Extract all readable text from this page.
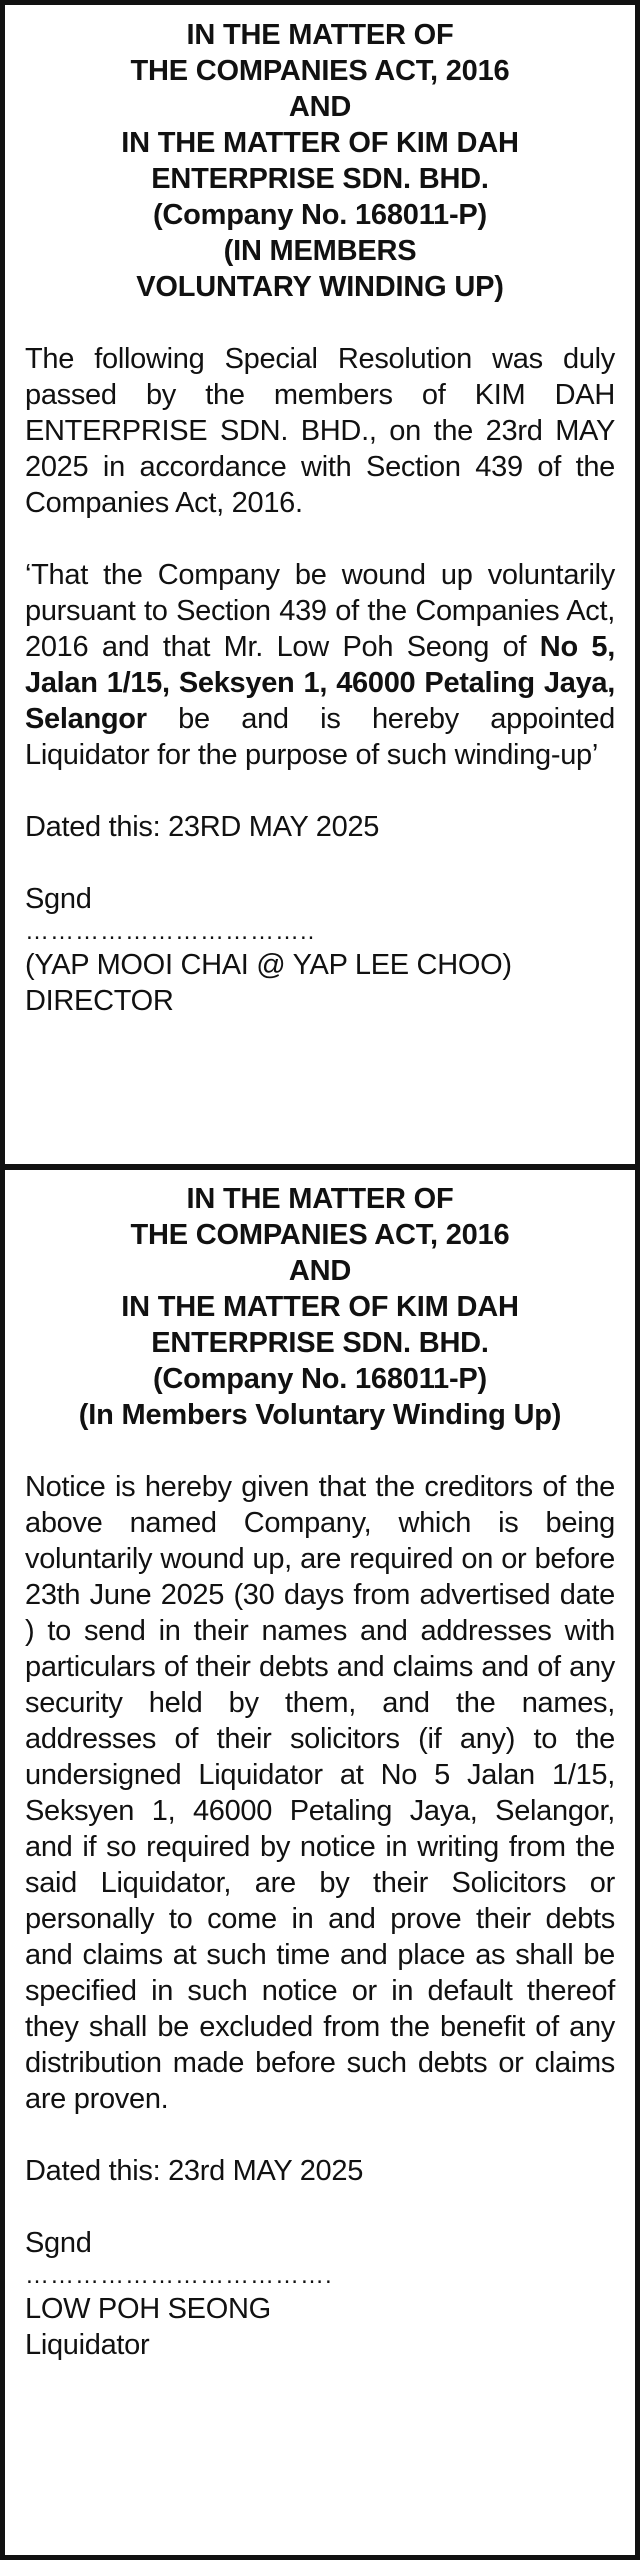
IN THE MATTER OF
THE COMPANIES ACT, 2016
AND
IN THE MATTER OF KIM DAH
ENTERPRISE SDN. BHD.
(Company No. 168011-P)
(IN MEMBERS
VOLUNTARY WINDING UP)

The following Special Resolution was duly passed by the members of KIM DAH ENTERPRISE SDN. BHD., on the 23rd MAY 2025 in accordance with Section 439 of the Companies Act, 2016.

‘That the Company be wound up voluntarily pursuant to Section 439 of the Companies Act, 2016 and that Mr. Low Poh Seong of No 5, Jalan 1/15, Seksyen 1, 46000 Petaling Jaya, Selangor be and is hereby appointed Liquidator for the purpose of such winding-up’

Dated this: 23RD MAY 2025

Sgnd

……………………………..

(YAP MOOI CHAI @ YAP LEE CHOO)

DIRECTOR

IN THE MATTER OF
THE COMPANIES ACT, 2016
AND
IN THE MATTER OF KIM DAH
ENTERPRISE SDN. BHD.
(Company No. 168011-P)
(In Members Voluntary Winding Up)

Notice is hereby given that the creditors of the above named Company, which is being voluntarily wound up, are required on or before 23th June 2025 (30 days from advertised date ) to send in their names and addresses with particulars of their debts and claims and of any security held by them, and the names, addresses of their solicitors (if any) to the undersigned Liquidator at No 5 Jalan 1/15, Seksyen 1, 46000 Petaling Jaya, Selangor, and if so required by notice in writing from the said Liquidator, are by their Solicitors or personally to come in and prove their debts and claims at such time and place as shall be specified in such notice or in default thereof they shall be excluded from the benefit of any distribution made before such debts or claims are proven.

Dated this: 23rd MAY 2025

Sgnd

……………………………….

LOW POH SEONG

Liquidator
